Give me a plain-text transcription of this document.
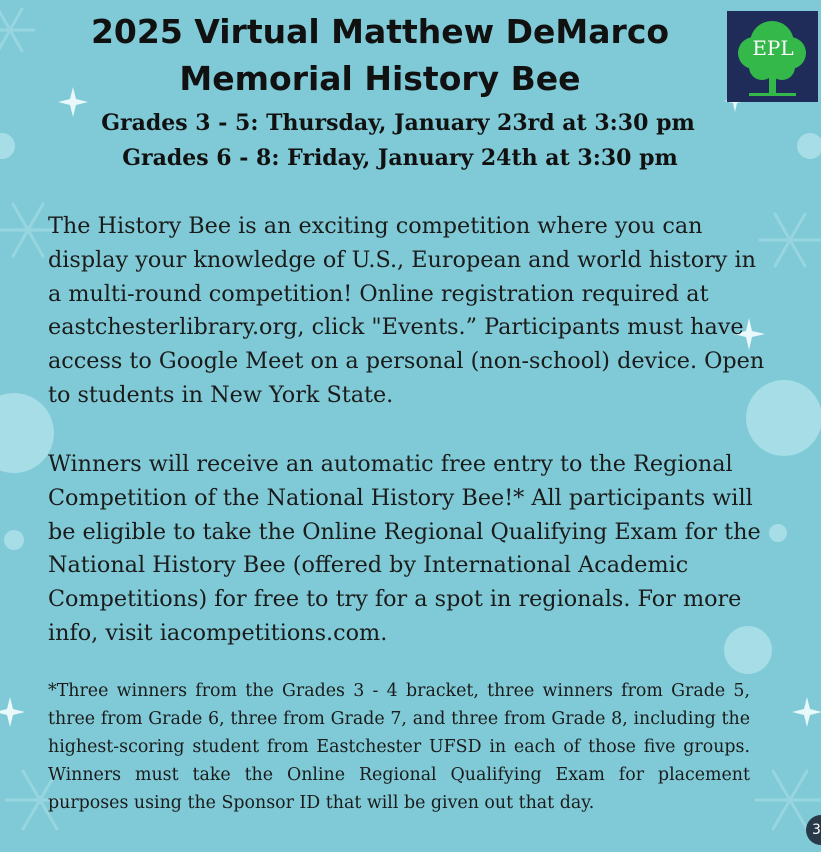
2025 Virtual Matthew DeMarco
Memorial History Bee

Grades 3 - 5: Thursday, January 23rd at 3:30 pm

Grades 6 - 8: Friday, January 24th at 3:30 pm

EPL

The History Bee is an exciting competition where you can display your knowledge of U.S., European and world history in a multi-round competition! Online registration required at eastchesterlibrary.org, click "Events.” Participants must have access to Google Meet on a personal (non-school) device. Open to students in New York State.

Winners will receive an automatic free entry to the Regional Competition of the National History Bee!* All participants will be eligible to take the Online Regional Qualifying Exam for the National History Bee (offered by International Academic Competitions) for free to try for a spot in regionals. For more info, visit iacompetitions.com.

*Three winners from the Grades 3 - 4 bracket, three winners from Grade 5, three from Grade 6, three from Grade 7, and three from Grade 8, including the highest-scoring student from Eastchester UFSD in each of those five groups. Winners must take the Online Regional Qualifying Exam for placement purposes using the Sponsor ID that will be given out that day.

3
